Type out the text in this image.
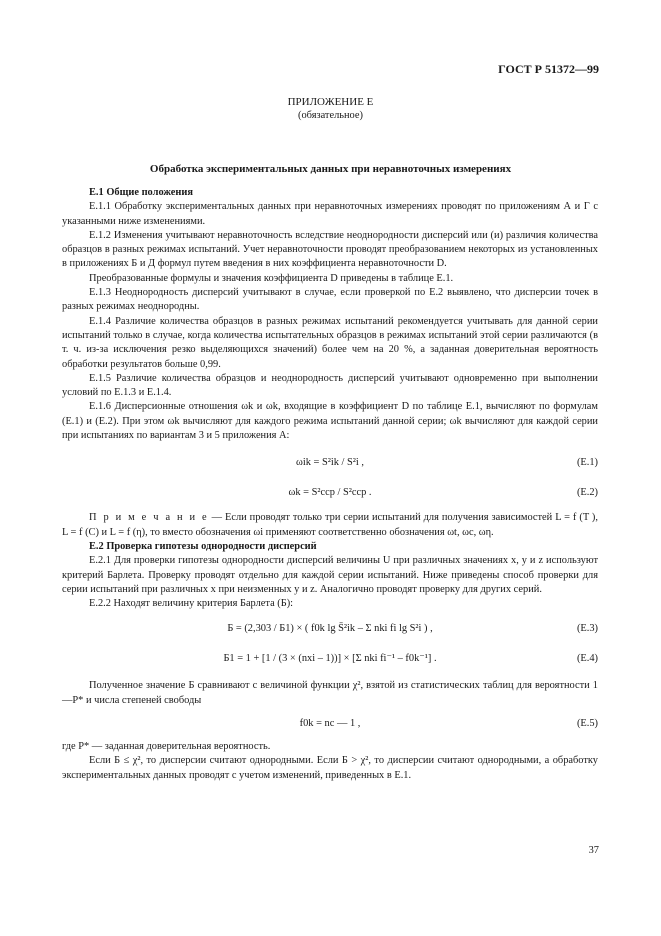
ГОСТ Р 51372—99
ПРИЛОЖЕНИЕ Е
(обязательное)
Обработка экспериментальных данных при неравноточных измерениях

Е.1 Общие положения

Е.1.1 Обработку экспериментальных данных при неравноточных измерениях проводят по приложениям А и Г с указанными ниже изменениями.

Е.1.2 Изменения учитывают неравноточность вследствие неоднородности дисперсий или (и) различия количества образцов в разных режимах испытаний. Учет неравноточности проводят преобразованием некоторых из установленных в приложениях Б и Д формул путем введения в них коэффициента неравноточности D.

Преобразованные формулы и значения коэффициента D приведены в таблице Е.1.

Е.1.3 Неоднородность дисперсий учитывают в случае, если проверкой по Е.2 выявлено, что дисперсии точек в разных режимах неоднородны.

Е.1.4 Различие количества образцов в разных режимах испытаний рекомендуется учитывать для данной серии испытаний только в случае, когда количества испытательных образцов в режимах испытаний этой серии различаются (в т. ч. из-за исключения резко выделяющихся значений) более чем на 20 %, а заданная доверительная вероятность обработки результатов больше 0,99.

Е.1.5 Различие количества образцов и неоднородность дисперсий учитывают одновременно при выполнении условий по Е.1.3 и Е.1.4.

Е.1.6 Дисперсионные отношения ωk и ωk, входящие в коэффициент D по таблице Е.1, вычисляют по формулам (Е.1) и (Е.2). При этом ωk вычисляют для каждого режима испытаний данной серии; ωk вычисляют для каждой серии при испытаниях по вариантам 3 и 5 приложения А:

ωik = S²ik / S²i ,	(Е.1)
ωk = S²сср / S²сср .	(Е.2)

П р и м е ч а н и е — Если проводят только три серии испытаний для получения зависимостей L = f (T ), L = f (C) и L = f (η), то вместо обозначения ωi применяют соответственно обозначения ωt, ωc, ωη.

Е.2 Проверка гипотезы однородности дисперсий

Е.2.1 Для проверки гипотезы однородности дисперсий величины U при различных значениях x, y и z используют критерий Барлета. Проверку проводят отдельно для каждой серии испытаний. Ниже приведены способ проверки для серии испытаний при различных x при неизменных y и z. Аналогично проводят проверку для других серий.

Е.2.2 Находят величину критерия Барлета (Б):

Б = (2,303 / Б1) × ( f0k lg S̄²ik – Σ nki fi lg S²i ) ,	(Е.3)
Б1 = 1 + [1 / (3 × (nxi – 1))] × [Σ nki fi⁻¹ – f0k⁻¹] .	(Е.4)

Полученное значение Б сравнивают с величиной функции χ², взятой из статистических таблиц для вероятности 1—P* и числа степеней свободы

f0k = nc — 1 ,	(Е.5)

где P* — заданная доверительная вероятность.

Если Б ≤ χ², то дисперсии считают однородными. Если Б > χ², то дисперсии считают однородными, а обработку экспериментальных данных проводят с учетом изменений, приведенных в Е.1.

37
